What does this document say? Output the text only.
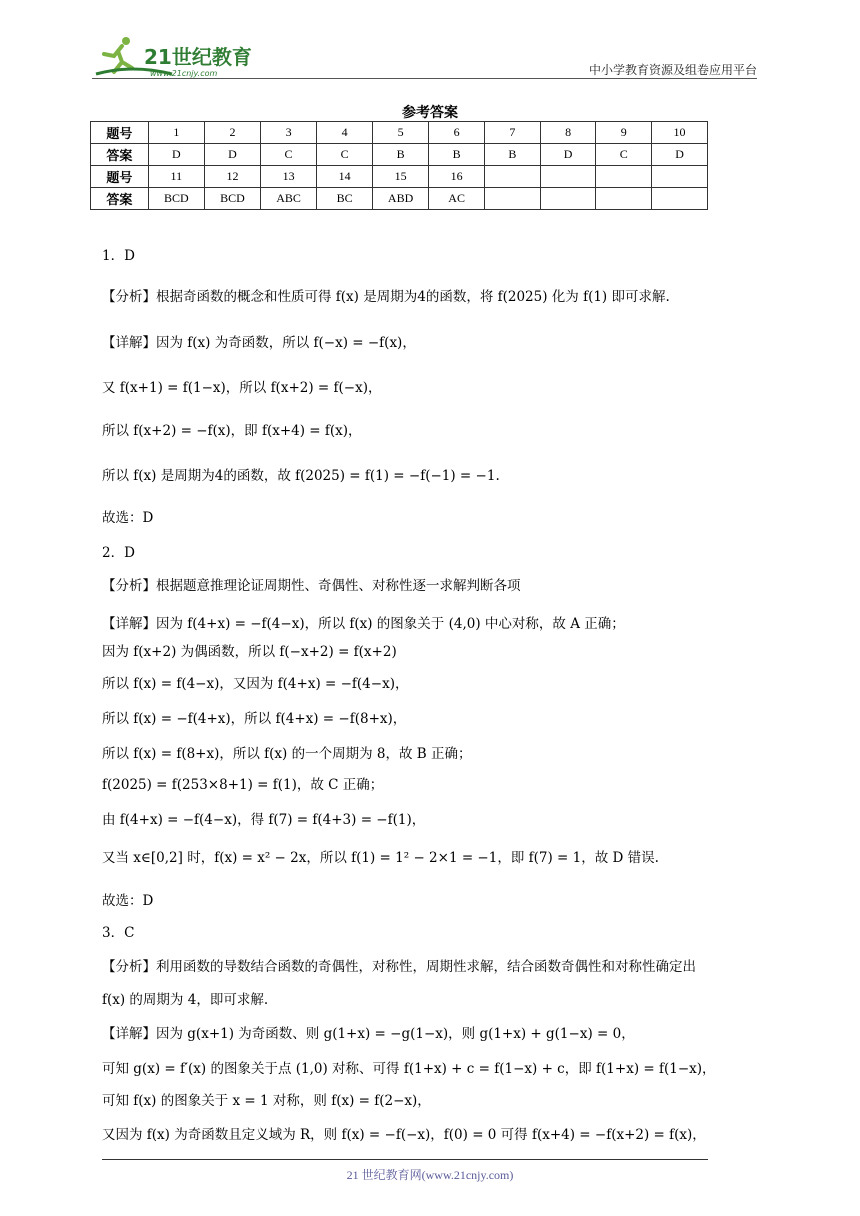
21世纪教育
www.21cnjy.com	中小学教育资源及组卷应用平台
参考答案
题号	1	2	3	4	5	6	7	8	9	10
答案	D	D	C	C	B	B	B	D	C	D
题号	11	12	13	14	15	16				
答案	BCD	BCD	ABC	BC	ABD	AC				
1．D
【分析】根据奇函数的概念和性质可得 f(x) 是周期为4的函数，将 f(2025) 化为 f(1) 即可求解.
【详解】因为 f(x) 为奇函数，所以 f(−x) = −f(x)，
又 f(x+1) = f(1−x)，所以 f(x+2) = f(−x)，
所以 f(x+2) = −f(x)，即 f(x+4) = f(x)，
所以 f(x) 是周期为4的函数，故 f(2025) = f(1) = −f(−1) = −1.
故选：D
2．D
【分析】根据题意推理论证周期性、奇偶性、对称性逐一求解判断各项
【详解】因为 f(4+x) = −f(4−x)，所以 f(x) 的图象关于 (4,0) 中心对称，故 A 正确；
因为 f(x+2) 为偶函数，所以 f(−x+2) = f(x+2)
所以 f(x) = f(4−x)，又因为 f(4+x) = −f(4−x)，
所以 f(x) = −f(4+x)，所以 f(4+x) = −f(8+x)，
所以 f(x) = f(8+x)，所以 f(x) 的一个周期为 8，故 B 正确；
f(2025) = f(253×8+1) = f(1)，故 C 正确；
由 f(4+x) = −f(4−x)，得 f(7) = f(4+3) = −f(1)，
又当 x∈[0,2] 时，f(x) = x² − 2x，所以 f(1) = 1² − 2×1 = −1，即 f(7) = 1，故 D 错误.
故选：D
3．C
【分析】利用函数的导数结合函数的奇偶性，对称性，周期性求解，结合函数奇偶性和对称性确定出
f(x) 的周期为 4，即可求解.
【详解】因为 g(x+1) 为奇函数、则 g(1+x) = −g(1−x)，则 g(1+x) + g(1−x) = 0，
可知 g(x) = f′(x) 的图象关于点 (1,0) 对称、可得 f(1+x) + c = f(1−x) + c，即 f(1+x) = f(1−x)，
可知 f(x) 的图象关于 x = 1 对称，则 f(x) = f(2−x)，
又因为 f(x) 为奇函数且定义域为 R，则 f(x) = −f(−x)，f(0) = 0 可得 f(x+4) = −f(x+2) = f(x)，
21 世纪教育网(www.21cnjy.com)
